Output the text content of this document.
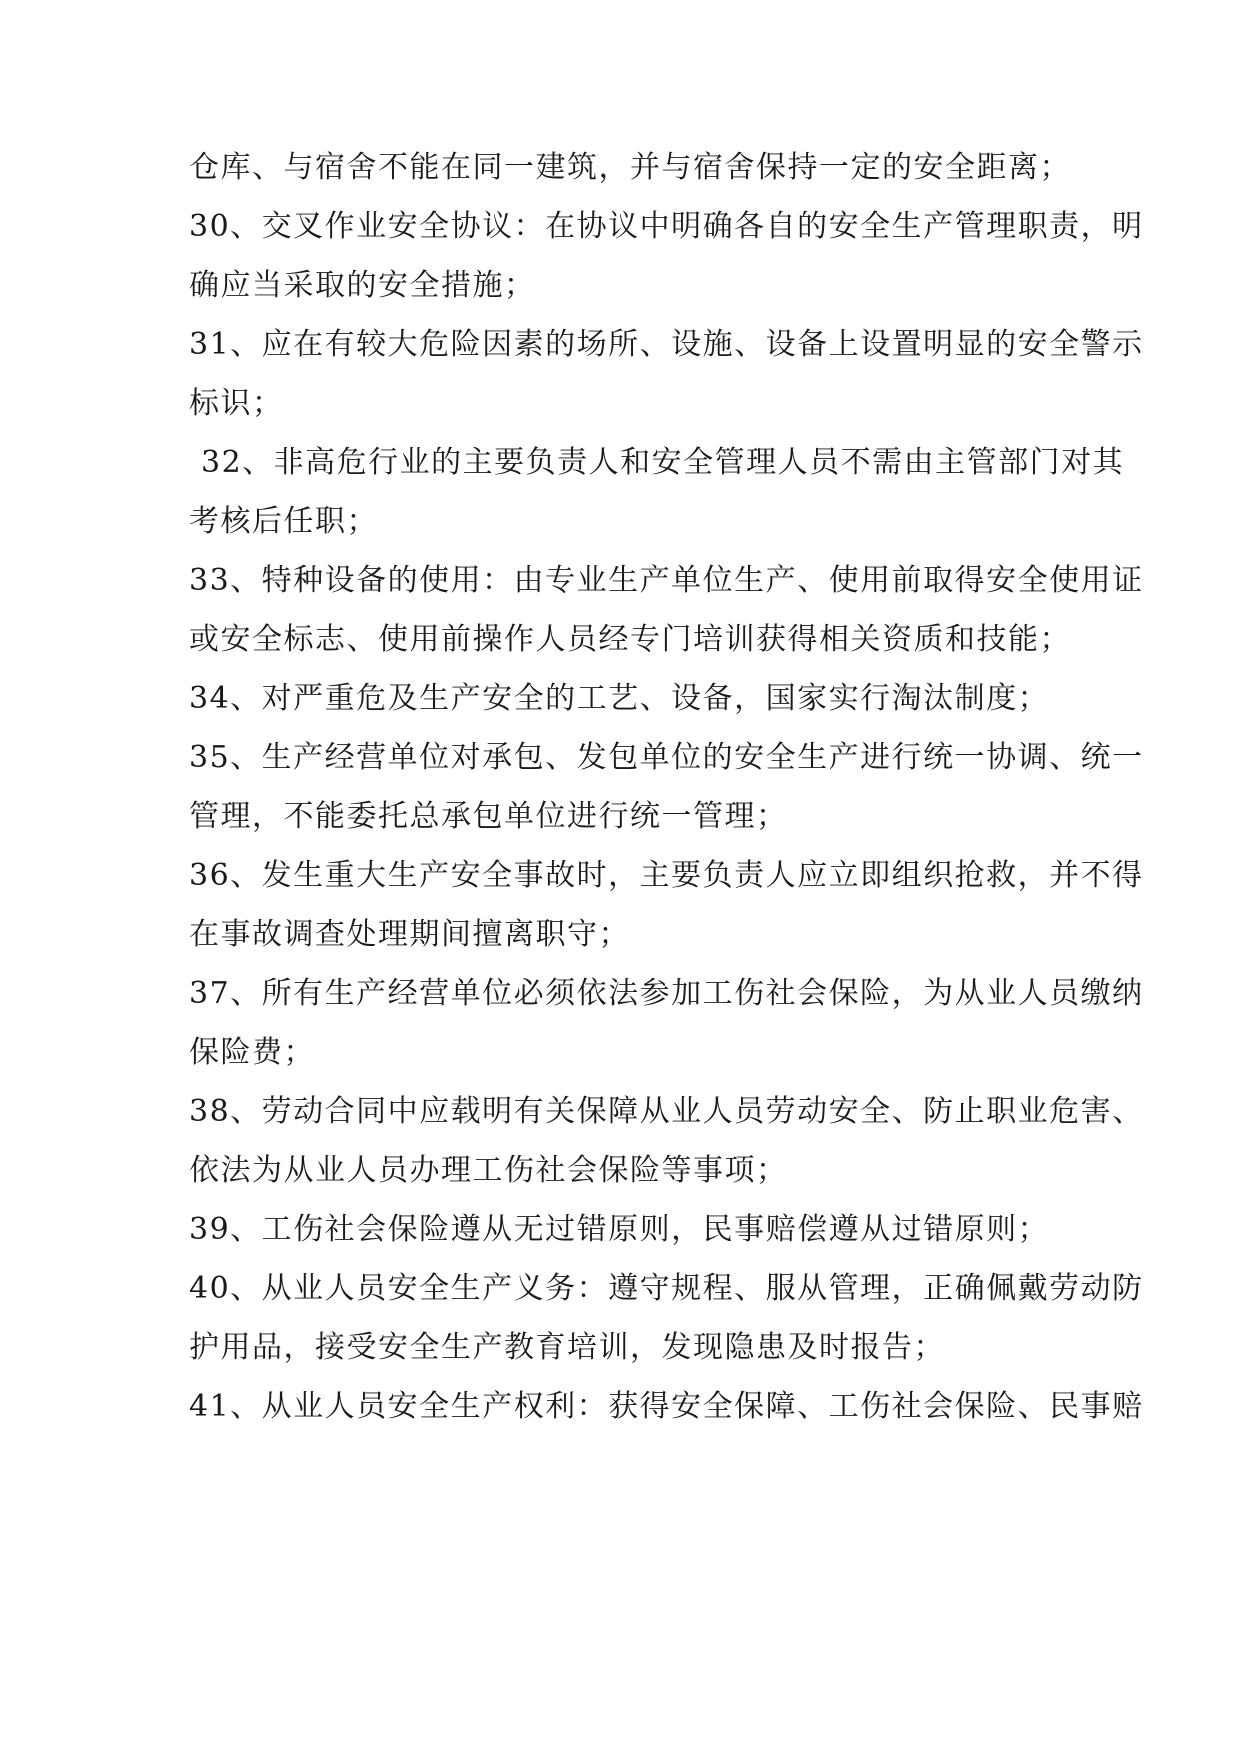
仓库、与宿舍不能在同一建筑，并与宿舍保持一定的安全距离；

30、交叉作业安全协议：在协议中明确各自的安全生产管理职责，明

确应当采取的安全措施；

31、应在有较大危险因素的场所、设施、设备上设置明显的安全警示

标识；

32、非高危行业的主要负责人和安全管理人员不需由主管部门对其

考核后任职；

33、特种设备的使用：由专业生产单位生产、使用前取得安全使用证

或安全标志、使用前操作人员经专门培训获得相关资质和技能；

34、对严重危及生产安全的工艺、设备，国家实行淘汰制度；

35、生产经营单位对承包、发包单位的安全生产进行统一协调、统一

管理，不能委托总承包单位进行统一管理；

36、发生重大生产安全事故时，主要负责人应立即组织抢救，并不得

在事故调查处理期间擅离职守；

37、所有生产经营单位必须依法参加工伤社会保险，为从业人员缴纳

保险费；

38、劳动合同中应载明有关保障从业人员劳动安全、防止职业危害、

依法为从业人员办理工伤社会保险等事项；

39、工伤社会保险遵从无过错原则，民事赔偿遵从过错原则；

40、从业人员安全生产义务：遵守规程、服从管理，正确佩戴劳动防

护用品，接受安全生产教育培训，发现隐患及时报告；

41、从业人员安全生产权利：获得安全保障、工伤社会保险、民事赔
